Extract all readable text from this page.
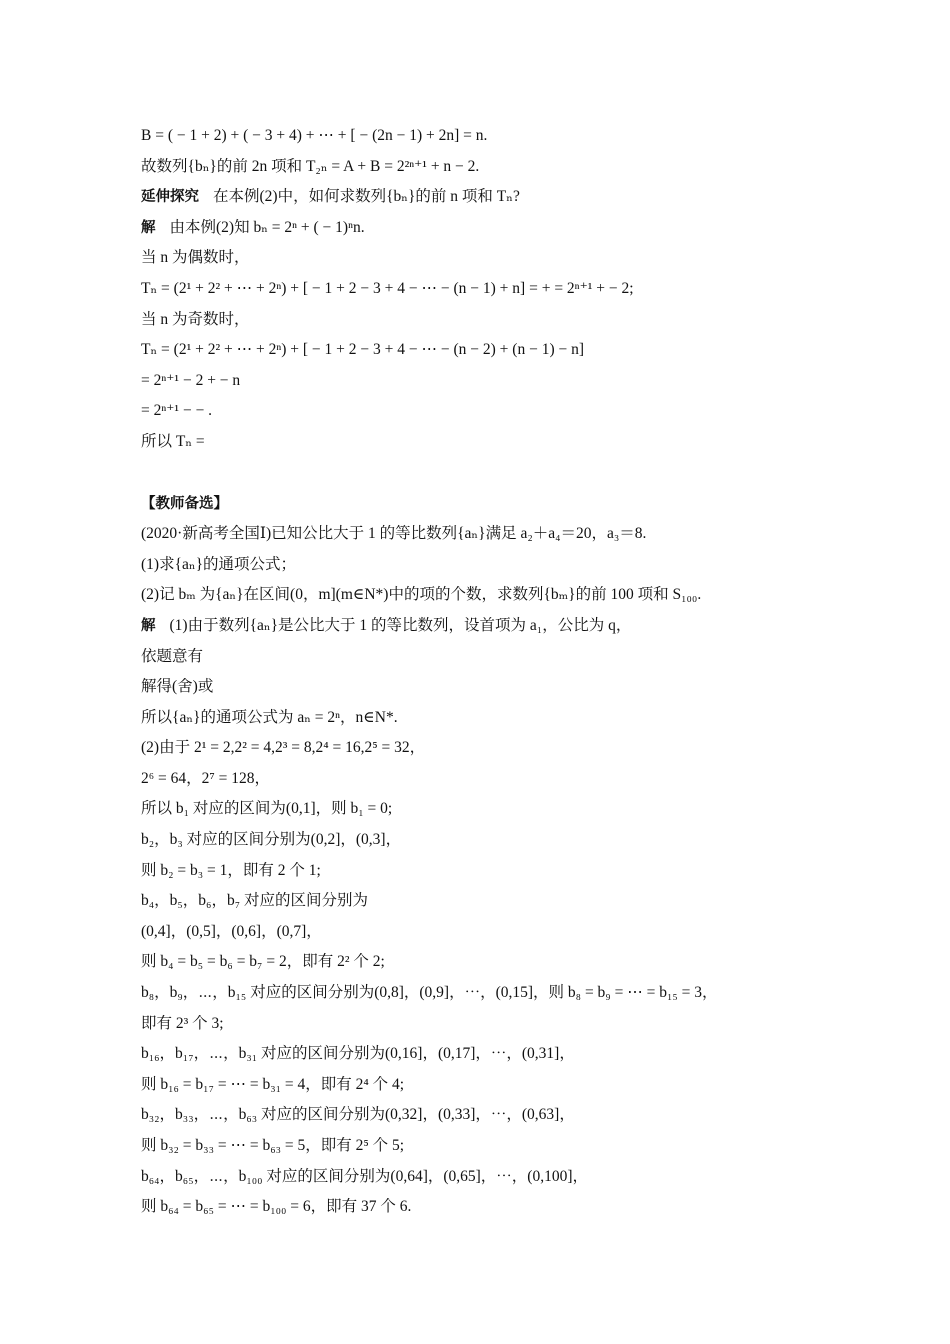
B = ( − 1 + 2) + ( − 3 + 4) + ⋯ + [ − (2n − 1) + 2n] = n.
故数列{bₙ}的前 2n 项和 T₂ₙ = A + B = 2²ⁿ⁺¹ + n − 2.
延伸探究 在本例(2)中，如何求数列{bₙ}的前 n 项和 Tₙ?
解 由本例(2)知 bₙ = 2ⁿ + ( − 1)ⁿn.
当 n 为偶数时，
Tₙ = (2¹ + 2² + ⋯ + 2ⁿ) + [ − 1 + 2 − 3 + 4 − ⋯ − (n − 1) + n] = + = 2ⁿ⁺¹ + − 2;
当 n 为奇数时，
Tₙ = (2¹ + 2² + ⋯ + 2ⁿ) + [ − 1 + 2 − 3 + 4 − ⋯ − (n − 2) + (n − 1) − n]
= 2ⁿ⁺¹ − 2 + − n
= 2ⁿ⁺¹ − − .
所以 Tₙ =
【教师备选】
(2020·新高考全国Ⅰ)已知公比大于 1 的等比数列{aₙ}满足 a₂＋a₄＝20，a₃＝8.
(1)求{aₙ}的通项公式；
(2)记 bₘ 为{aₙ}在区间(0，m](m∈N*)中的项的个数，求数列{bₘ}的前 100 项和 S₁₀₀.
解 (1)由于数列{aₙ}是公比大于 1 的等比数列，设首项为 a₁，公比为 q，
依题意有
解得(舍)或
所以{aₙ}的通项公式为 aₙ = 2ⁿ，n∈N*.
(2)由于 2¹ = 2,2² = 4,2³ = 8,2⁴ = 16,2⁵ = 32，
2⁶ = 64，2⁷ = 128，
所以 b₁ 对应的区间为(0,1]，则 b₁ = 0;
b₂，b₃ 对应的区间分别为(0,2]，(0,3]，
则 b₂ = b₃ = 1，即有 2 个 1;
b₄，b₅，b₆，b₇ 对应的区间分别为
(0,4]，(0,5]，(0,6]，(0,7]，
则 b₄ = b₅ = b₆ = b₇ = 2，即有 2² 个 2;
b₈，b₉，⋯，b₁₅ 对应的区间分别为(0,8]，(0,9]，⋯，(0,15]，则 b₈ = b₉ = ⋯ = b₁₅ = 3，
即有 2³ 个 3;
b₁₆，b₁₇，⋯，b₃₁ 对应的区间分别为(0,16]，(0,17]，⋯，(0,31]，
则 b₁₆ = b₁₇ = ⋯ = b₃₁ = 4，即有 2⁴ 个 4;
b₃₂，b₃₃，⋯，b₆₃ 对应的区间分别为(0,32]，(0,33]，⋯，(0,63]，
则 b₃₂ = b₃₃ = ⋯ = b₆₃ = 5，即有 2⁵ 个 5;
b₆₄，b₆₅，⋯，b₁₀₀ 对应的区间分别为(0,64]，(0,65]，⋯，(0,100]，
则 b₆₄ = b₆₅ = ⋯ = b₁₀₀ = 6，即有 37 个 6.
